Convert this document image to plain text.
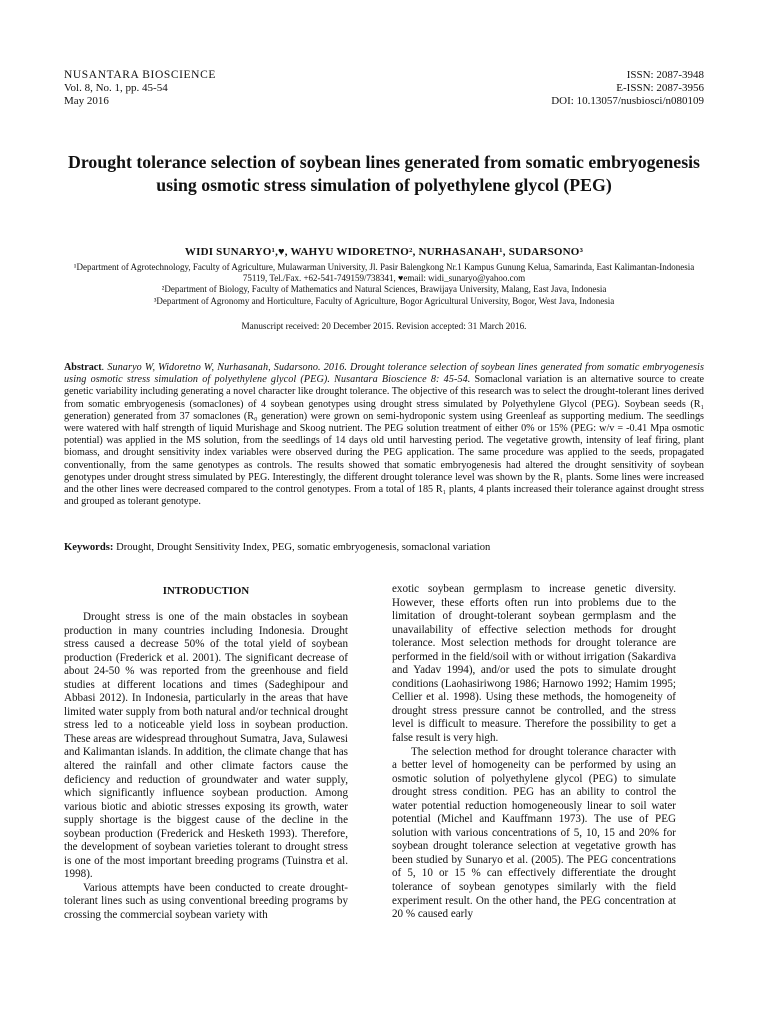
NUSANTARA BIOSCIENCE
Vol. 8, No. 1, pp. 45-54
May 2016
ISSN: 2087-3948
E-ISSN: 2087-3956
DOI: 10.13057/nusbiosci/n080109
Drought tolerance selection of soybean lines generated from somatic embryogenesis using osmotic stress simulation of polyethylene glycol (PEG)
WIDI SUNARYO¹,♥, WAHYU WIDORETNO², NURHASANAH¹, SUDARSONO³
¹Department of Agrotechnology, Faculty of Agriculture, Mulawarman University, Jl. Pasir Balengkong Nr.1 Kampus Gunung Kelua, Samarinda, East Kalimantan-Indonesia 75119, Tel./Fax. +62-541-749159/738341, ♥email: widi_sunaryo@yahoo.com
²Department of Biology, Faculty of Mathematics and Natural Sciences, Brawijaya University, Malang, East Java, Indonesia
³Department of Agronomy and Horticulture, Faculty of Agriculture, Bogor Agricultural University, Bogor, West Java, Indonesia
Manuscript received: 20 December 2015. Revision accepted: 31 March 2016.
Abstract. Sunaryo W, Widoretno W, Nurhasanah, Sudarsono. 2016. Drought tolerance selection of soybean lines generated from somatic embryogenesis using osmotic stress simulation of polyethylene glycol (PEG). Nusantara Bioscience 8: 45-54. Somaclonal variation is an alternative source to create genetic variability including generating a novel character like drought tolerance. The objective of this research was to select the drought-tolerant lines derived from somatic embryogenesis (somaclones) of 4 soybean genotypes using drought stress simulated by Polyethylene Glycol (PEG). Soybean seeds (R₁ generation) generated from 37 somaclones (R₀ generation) were grown on semi-hydroponic system using Greenleaf as supporting medium. The seedlings were watered with half strength of liquid Murishage and Skoog nutrient. The PEG solution treatment of either 0% or 15% (PEG: w/v = -0.41 Mpa osmotic potential) was applied in the MS solution, from the seedlings of 14 days old until harvesting period. The vegetative growth, intensity of leaf firing, plant biomass, and drought sensitivity index variables were observed during the PEG application. The same procedure was applied to the seeds, propagated conventionally, from the same genotypes as controls. The results showed that somatic embryogenesis had altered the drought sensitivity of soybean genotypes under drought stress simulated by PEG. Interestingly, the different drought tolerance level was shown by the R₁ plants. Some lines were increased and the other lines were decreased compared to the control genotypes. From a total of 185 R₁ plants, 4 plants increased their tolerance against drought stress and grouped as tolerant genotype.
Keywords: Drought, Drought Sensitivity Index, PEG, somatic embryogenesis, somaclonal variation
INTRODUCTION

Drought stress is one of the main obstacles in soybean production in many countries including Indonesia. Drought stress caused a decrease 50% of the total yield of soybean production (Frederick et al. 2001). The significant decrease of about 24-50 % was reported from the greenhouse and field studies at different locations and times (Sadeghipour and Abbasi 2012). In Indonesia, particularly in the areas that have limited water supply from both natural and/or technical drought stress led to a noticeable yield loss in soybean production. These areas are widespread throughout Sumatra, Java, Sulawesi and Kalimantan islands. In addition, the climate change that has altered the rainfall and other climate factors cause the deficiency and reduction of groundwater and water supply, which significantly influence soybean production. Among various biotic and abiotic stresses exposing its growth, water supply shortage is the biggest cause of the decline in the soybean production (Frederick and Hesketh 1993). Therefore, the development of soybean varieties tolerant to drought stress is one of the most important breeding programs (Tuinstra et al. 1998).

Various attempts have been conducted to create drought-tolerant lines such as using conventional breeding programs by crossing the commercial soybean variety with

exotic soybean germplasm to increase genetic diversity. However, these efforts often run into problems due to the limitation of drought-tolerant soybean germplasm and the unavailability of effective selection methods for drought tolerance. Most selection methods for drought tolerance are performed in the field/soil with or without irrigation (Sakardiva and Yadav 1994), and/or used the pots to simulate drought conditions (Laohasiriwong 1986; Harnowo 1992; Hamim 1995; Cellier et al. 1998). Using these methods, the homogeneity of drought stress pressure cannot be controlled, and the stress level is difficult to measure. Therefore the possibility to get a false result is very high.

The selection method for drought tolerance character with a better level of homogeneity can be performed by using an osmotic solution of polyethylene glycol (PEG) to simulate drought stress condition. PEG has an ability to control the water potential reduction homogeneously linear to soil water potential (Michel and Kauffmann 1973). The use of PEG solution with various concentrations of 5, 10, 15 and 20% for soybean drought tolerance selection at vegetative growth has been studied by Sunaryo et al. (2005). The PEG concentrations of 5, 10 or 15 % can effectively differentiate the drought tolerance of soybean genotypes similarly with the field experiment result. On the other hand, the PEG concentration at 20 % caused early
